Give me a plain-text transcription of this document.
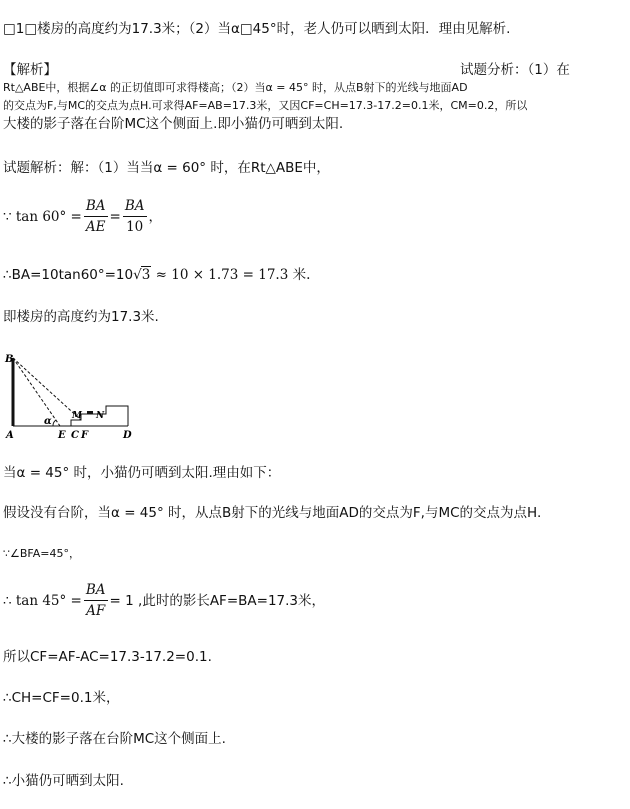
□1□楼房的高度约为17.3米；（2）当α□45°时，老人仍可以晒到太阳．理由见解析.
【解析】	试题分析：（1）在
Rt△ABE中，根据∠α 的正切值即可求得楼高；（2）当α = 45° 时，从点B射下的光线与地面AD
的交点为F,与MC的交点为点H.可求得AF=AB=17.3米，又因CF=CH=17.3-17.2=0.1米，CM=0.2，所以
大楼的影子落在台阶MC这个侧面上.即小猫仍可晒到太阳.
试题解析：解：（1）当当α = 60° 时，在Rt△ABE中，
∵ $\tan 60^\circ = \frac{BA}{AE} = \frac{BA}{10}$ ，
∴BA=10tan60°=10√3 ≈ 10 × 1.73 = 17.3 米.
即楼房的高度约为17.3米.
B
A
α
E C F
M N
D
当α = 45° 时，小猫仍可晒到太阳.理由如下：
假设没有台阶，当α = 45° 时，从点B射下的光线与地面AD的交点为F,与MC的交点为点H.
∵∠BFA=45°，
∴ $\tan 45^\circ = \frac{BA}{AF} = 1$ ,此时的影长AF=BA=17.3米，
所以CF=AF-AC=17.3-17.2=0.1.
∴CH=CF=0.1米，
∴大楼的影子落在台阶MC这个侧面上.
∴小猫仍可晒到太阳.
